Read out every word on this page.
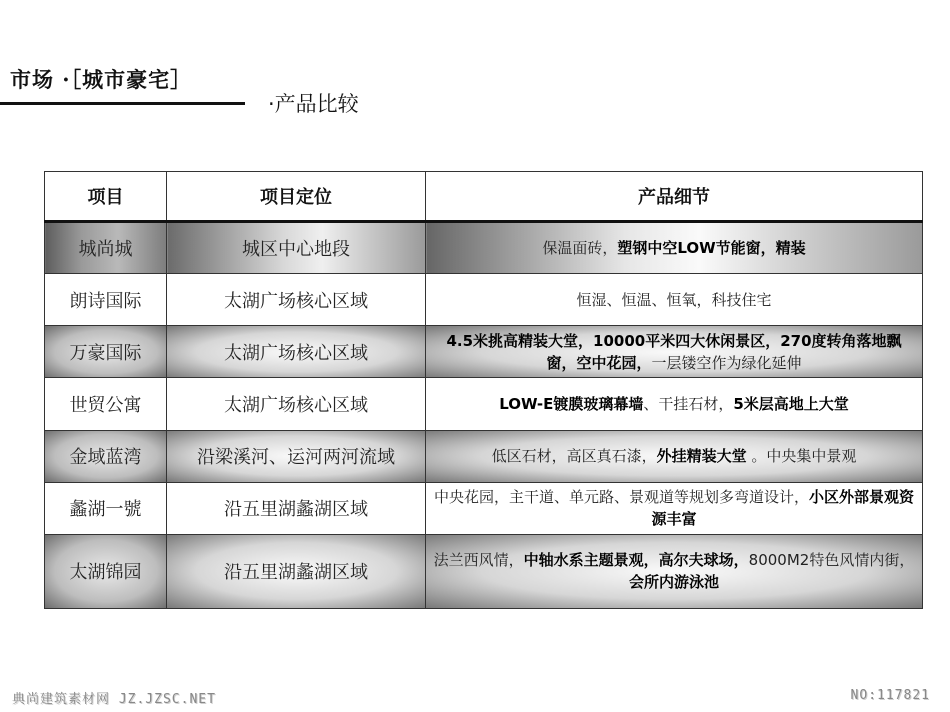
市场 ·［城市豪宅］
·产品比较
项目	项目定位	产品细节
城尚城	城区中心地段	保温面砖，塑钢中空LOW节能窗，精装
朗诗国际	太湖广场核心区域	恒湿、恒温、恒氧，科技住宅
万豪国际	太湖广场核心区域	4.5米挑高精装大堂，10000平米四大休闲景区，270度转角落地飘窗，空中花园，一层镂空作为绿化延伸
世贸公寓	太湖广场核心区域	LOW-E镀膜玻璃幕墙、干挂石材，5米层高地上大堂
金域蓝湾	沿梁溪河、运河两河流域	低区石材，高区真石漆，外挂精装大堂 。中央集中景观
蠡湖一號	沿五里湖蠡湖区域	中央花园，主干道、单元路、景观道等规划多弯道设计，小区外部景观资源丰富
太湖锦园	沿五里湖蠡湖区域	法兰西风情，中轴水系主题景观，高尔夫球场，8000M2特色风情内街，会所内游泳池
典尚建筑素材网 JZ.JZSC.NET	NO:117821
